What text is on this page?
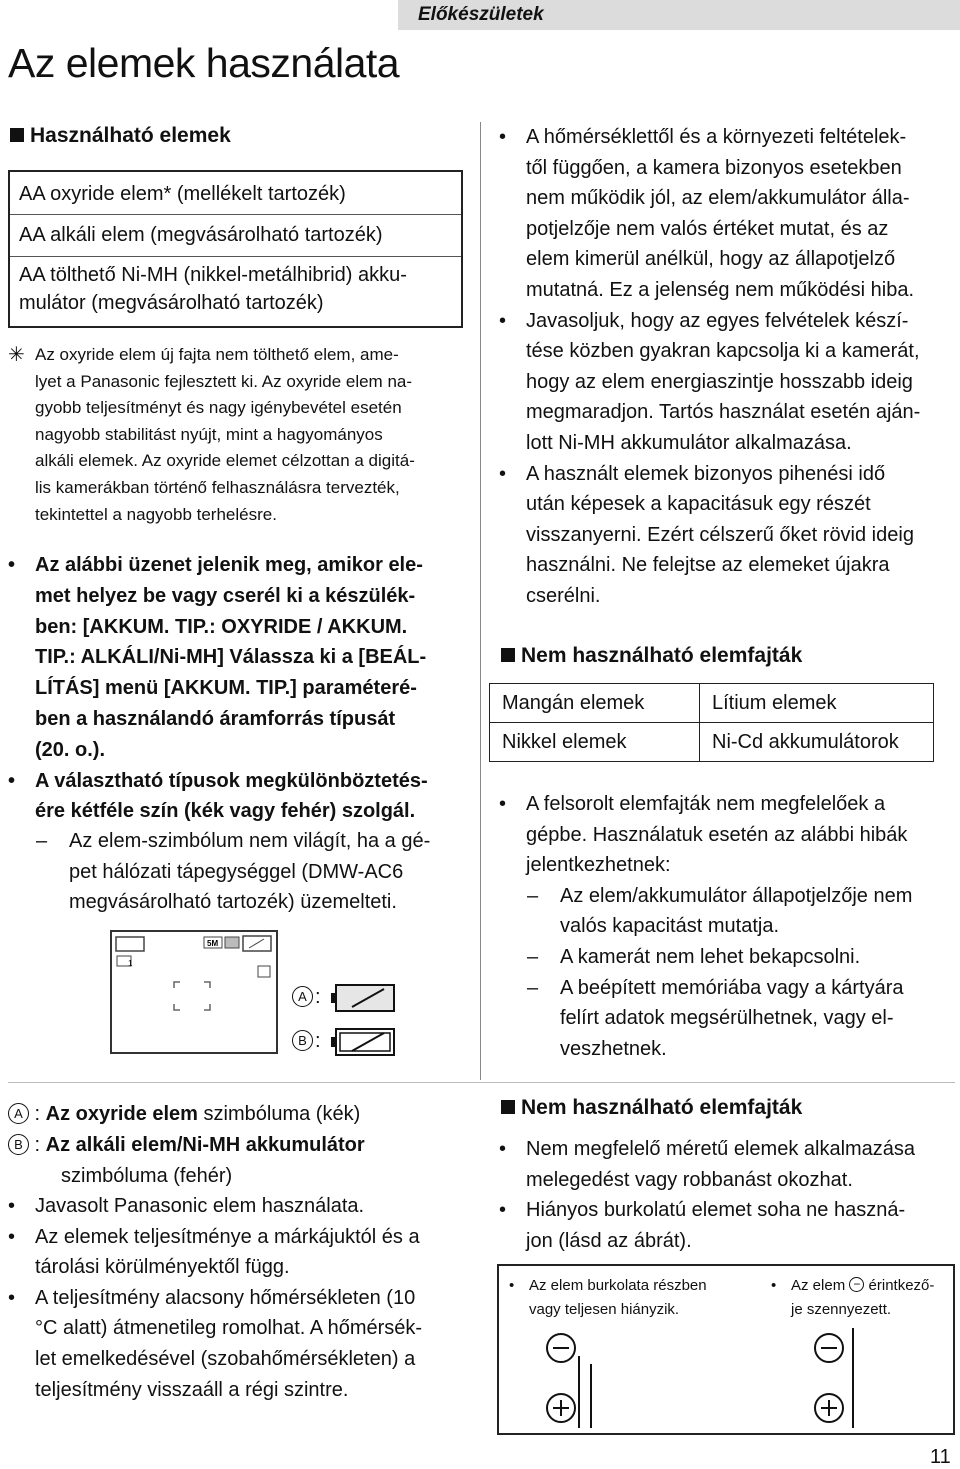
Előkészületek
Az elemek használata
Használható elemek
AA oxyride elem* (mellékelt tartozék)
AA alkáli elem (megvásárolható tartozék)
AA tölthető Ni-MH (nikkel-metálhibrid) akku-
mulátor (megvásárolható tartozék)
✳ Az oxyride elem új fajta nem tölthető elem, ame-
lyet a Panasonic fejlesztett ki. Az oxyride elem na-
gyobb teljesítményt és nagy igénybevétel esetén
nagyobb stabilitást nyújt, mint a hagyományos
alkáli elemek. Az oxyride elemet célzottan a digitá-
lis kamerákban történő felhasználásra tervezték,
tekintettel a nagyobb terhelésre.

• Az alábbi üzenet jelenik meg, amikor ele-
met helyez be vagy cserél ki a készülék-
ben: [AKKUM. TIP.: OXYRIDE / AKKUM.
TIP.: ALKÁLI/Ni-MH] Válassza ki a [BEÁL-
LÍTÁS] menü [AKKUM. TIP.] paraméteré-
ben a használandó áramforrás típusát
(20. o.).
• A választható típusok megkülönböztetés-
ére kétféle szín (kék vagy fehér) szolgál.
– Az elem-szimbólum nem világít, ha a gé-
pet hálózati tápegységgel (DMW-AC6
megvásárolható tartozék) üzemelteti.
1
5M
A :
B :
A : Az oxyride elem szimbóluma (kék)
B : Az alkáli elem/Ni-MH akkumulátor
szimbóluma (fehér)
• Javasolt Panasonic elem használata.
• Az elemek teljesítménye a márkájuktól és a
tárolási körülményektől függ.
• A teljesítmény alacsony hőmérsékleten (10
°C alatt) átmenetileg romolhat. A hőmérsék-
let emelkedésével (szobahőmérsékleten) a
teljesítmény visszaáll a régi szintre.
• A hőmérséklettől és a környezeti feltételek-
től függően, a kamera bizonyos esetekben
nem működik jól, az elem/akkumulátor álla-
potjelzője nem valós értéket mutat, és az
elem kimerül anélkül, hogy az állapotjelző
mutatná. Ez a jelenség nem működési hiba.
• Javasoljuk, hogy az egyes felvételek készí-
tése közben gyakran kapcsolja ki a kamerát,
hogy az elem energiaszintje hosszabb ideig
megmaradjon. Tartós használat esetén aján-
lott Ni-MH akkumulátor alkalmazása.
• A használt elemek bizonyos pihenési idő
után képesek a kapacitásuk egy részét
visszanyerni. Ezért célszerű őket rövid ideig
használni. Ne felejtse az elemeket újakra
cserélni.
Nem használható elemfajták
Mangán elemek	Lítium elemek
Nikkel elemek	Ni-Cd akkumulátorok
• A felsorolt elemfajták nem megfelelőek a
gépbe. Használatuk esetén az alábbi hibák
jelentkezhetnek:
– Az elem/akkumulátor állapotjelzője nem
valós kapacitást mutatja.
– A kamerát nem lehet bekapcsolni.
– A beépített memóriába vagy a kártyára
felírt adatok megsérülhetnek, vagy el-
veszhetnek.
Nem használható elemfajták
• Nem megfelelő méretű elemek alkalmazása
melegedést vagy robbanást okozhat.
• Hiányos burkolatú elemet soha ne haszná-
jon (lásd az ábrát).
• Az elem burkolata részben
vagy teljesen hiányzik.
• Az elem − érintkező-
je szennyezett.
11
